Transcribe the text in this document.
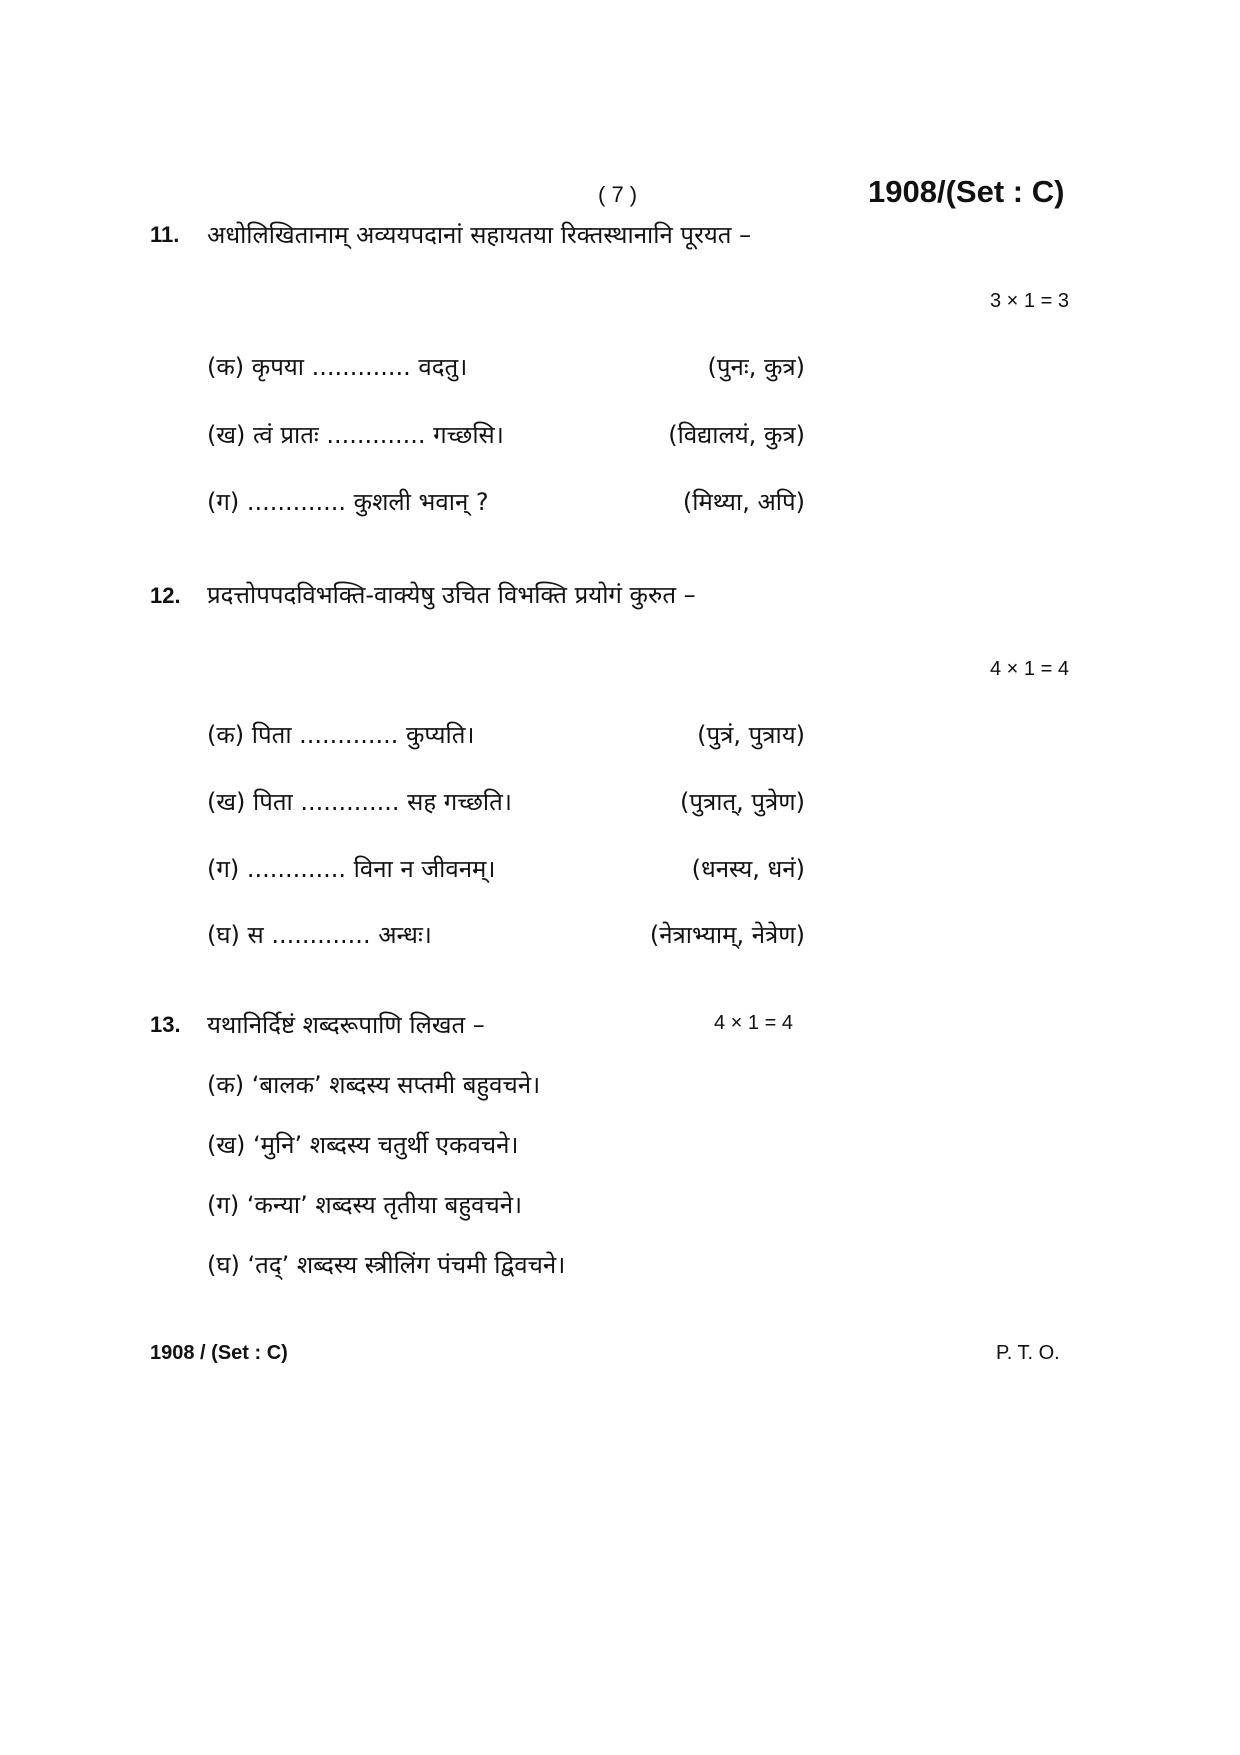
( 7 )	1908/(Set : C)
11. अधोलिखितानाम् अव्ययपदानां सहायतया रिक्तस्थानानि पूरयत –
3 × 1 = 3
(क) कृपया ............. वदतु।	(पुनः, कुत्र)
(ख) त्वं प्रातः ............. गच्छसि।	(विद्यालयं, कुत्र)
(ग) ............. कुशली भवान् ?	(मिथ्या, अपि)
12. प्रदत्तोपपदविभक्ति-वाक्येषु उचित विभक्ति प्रयोगं कुरुत –
4 × 1 = 4
(क) पिता ............. कुप्यति।	(पुत्रं, पुत्राय)
(ख) पिता ............. सह गच्छति।	(पुत्रात्, पुत्रेण)
(ग) ............. विना न जीवनम्।	(धनस्य, धनं)
(घ) स ............. अन्धः।	(नेत्राभ्याम्, नेत्रेण)
13. यथानिर्दिष्टं शब्दरूपाणि लिखत –	4 × 1 = 4
(क) ‘बालक’ शब्दस्य सप्तमी बहुवचने।
(ख) ‘मुनि’ शब्दस्य चतुर्थी एकवचने।
(ग) ‘कन्या’ शब्दस्य तृतीया बहुवचने।
(घ) ‘तद्’ शब्दस्य स्त्रीलिंग पंचमी द्विवचने।
1908 / (Set : C)	P. T. O.
